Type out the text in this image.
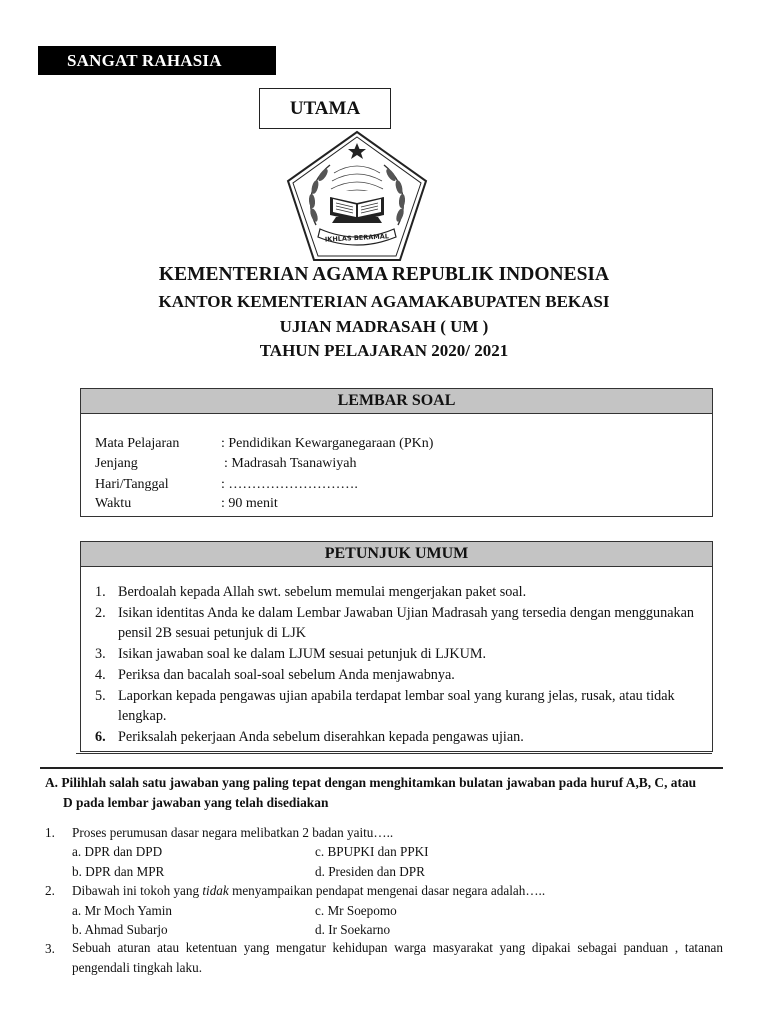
SANGAT RAHASIA
UTAMA
IKHLAS BERAMAL
KEMENTERIAN AGAMA REPUBLIK INDONESIA
KANTOR KEMENTERIAN AGAMAKABUPATEN BEKASI
UJIAN MADRASAH ( UM )
TAHUN PELAJARAN 2020/ 2021
LEMBAR SOAL
Mata Pelajaran	: Pendidikan Kewarganegaraan (PKn)
Jenjang	: Madrasah Tsanawiyah
Hari/Tanggal	: ……………………….
Waktu	: 90 menit
PETUNJUK UMUM
1. Berdoalah kepada Allah swt. sebelum memulai mengerjakan paket soal.
2. Isikan identitas Anda ke dalam Lembar Jawaban Ujian Madrasah yang tersedia dengan menggunakan pensil 2B sesuai petunjuk di LJK
3. Isikan jawaban soal ke dalam LJUM sesuai petunjuk di LJKUM.
4. Periksa dan bacalah soal-soal sebelum Anda menjawabnya.
5. Laporkan kepada pengawas ujian apabila terdapat lembar soal yang kurang jelas, rusak, atau tidak lengkap.
6. Periksalah pekerjaan Anda sebelum diserahkan kepada pengawas ujian.
A. Pilihlah salah satu jawaban yang paling tepat dengan menghitamkan bulatan jawaban pada huruf A,B, C, atau
D pada lembar jawaban yang telah disediakan
1. Proses perumusan dasar negara melibatkan 2 badan yaitu…..
a. DPR dan DPD	c. BPUPKI dan PPKI
b. DPR dan MPR	d. Presiden dan DPR
2. Dibawah ini tokoh yang tidak menyampaikan pendapat mengenai dasar negara adalah…..
a. Mr Moch Yamin	c. Mr Soepomo
b. Ahmad Subarjo	d. Ir Soekarno
3. Sebuah aturan atau ketentuan yang mengatur kehidupan warga masyarakat yang dipakai sebagai panduan , tatanan pengendali tingkah laku.
